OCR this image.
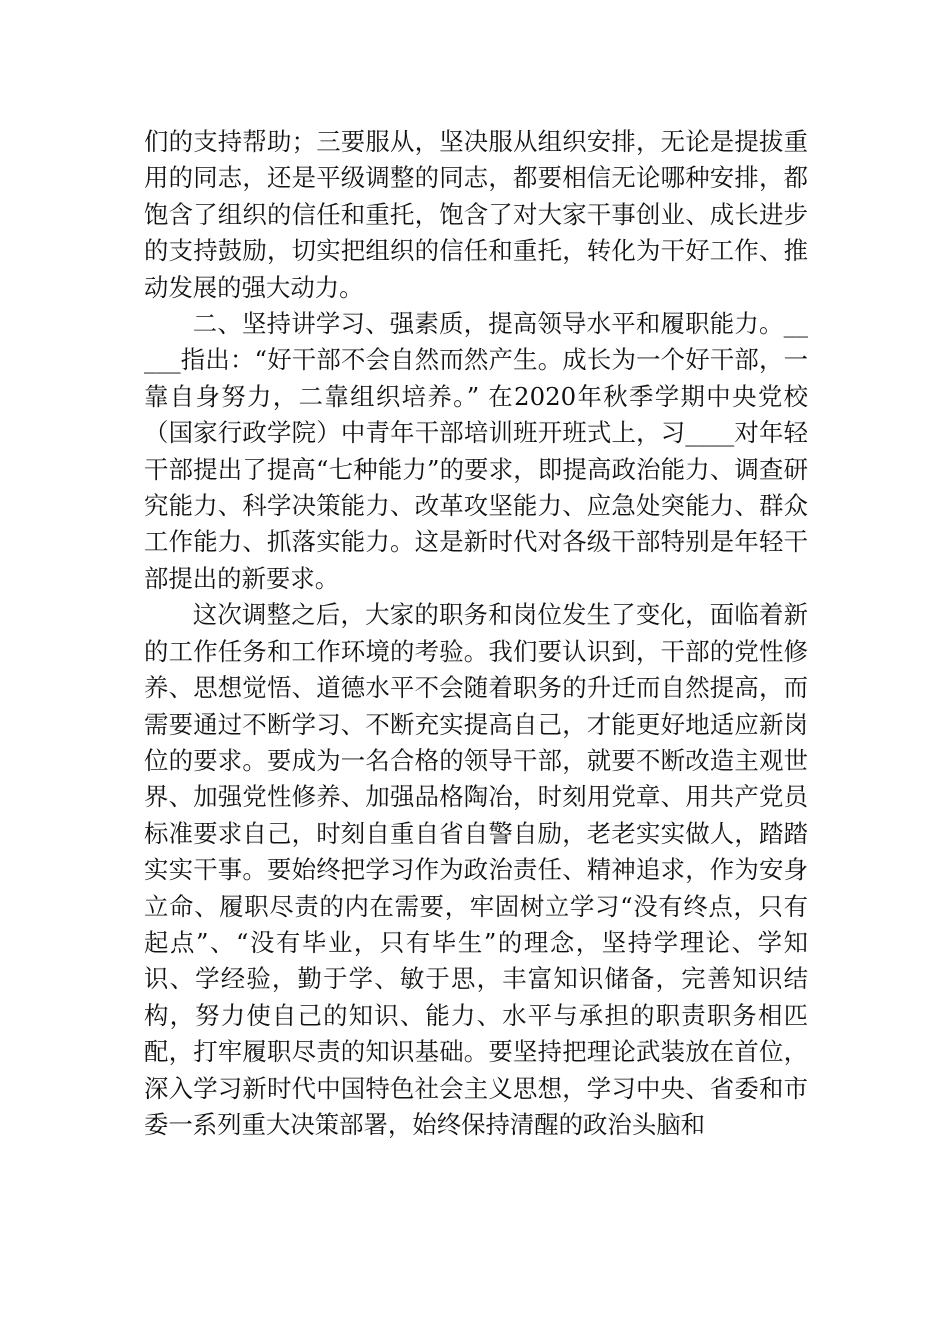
们的支持帮助；三要服从，坚决服从组织安排，无论是提拔重用的同志，还是平级调整的同志，都要相信无论哪种安排，都饱含了组织的信任和重托，饱含了对大家干事创业、成长进步的支持鼓励，切实把组织的信任和重托，转化为干好工作、推动发展的强大动力。

二、坚持讲学习、强素质，提高领导水平和履职能力。_____指出：“好干部不会自然而然产生。成长为一个好干部，一靠自身努力，二靠组织培养。” 在2020年秋季学期中央党校（国家行政学院）中青年干部培训班开班式上，习____对年轻干部提出了提高“七种能力”的要求，即提高政治能力、调查研究能力、科学决策能力、改革攻坚能力、应急处突能力、群众工作能力、抓落实能力。这是新时代对各级干部特别是年轻干部提出的新要求。

这次调整之后，大家的职务和岗位发生了变化，面临着新的工作任务和工作环境的考验。我们要认识到，干部的党性修养、思想觉悟、道德水平不会随着职务的升迁而自然提高，而需要通过不断学习、不断充实提高自己，才能更好地适应新岗位的要求。要成为一名合格的领导干部，就要不断改造主观世界、加强党性修养、加强品格陶冶，时刻用党章、用共产党员标准要求自己，时刻自重自省自警自励，老老实实做人，踏踏实实干事。要始终把学习作为政治责任、精神追求，作为安身立命、履职尽责的内在需要，牢固树立学习“没有终点，只有起点”、“没有毕业，只有毕生”的理念，坚持学理论、学知识、学经验，勤于学、敏于思，丰富知识储备，完善知识结构，努力使自己的知识、能力、水平与承担的职责职务相匹配，打牢履职尽责的知识基础。要坚持把理论武装放在首位，深入学习新时代中国特色社会主义思想，学习中央、省委和市委一系列重大决策部署，始终保持清醒的政治头脑和
